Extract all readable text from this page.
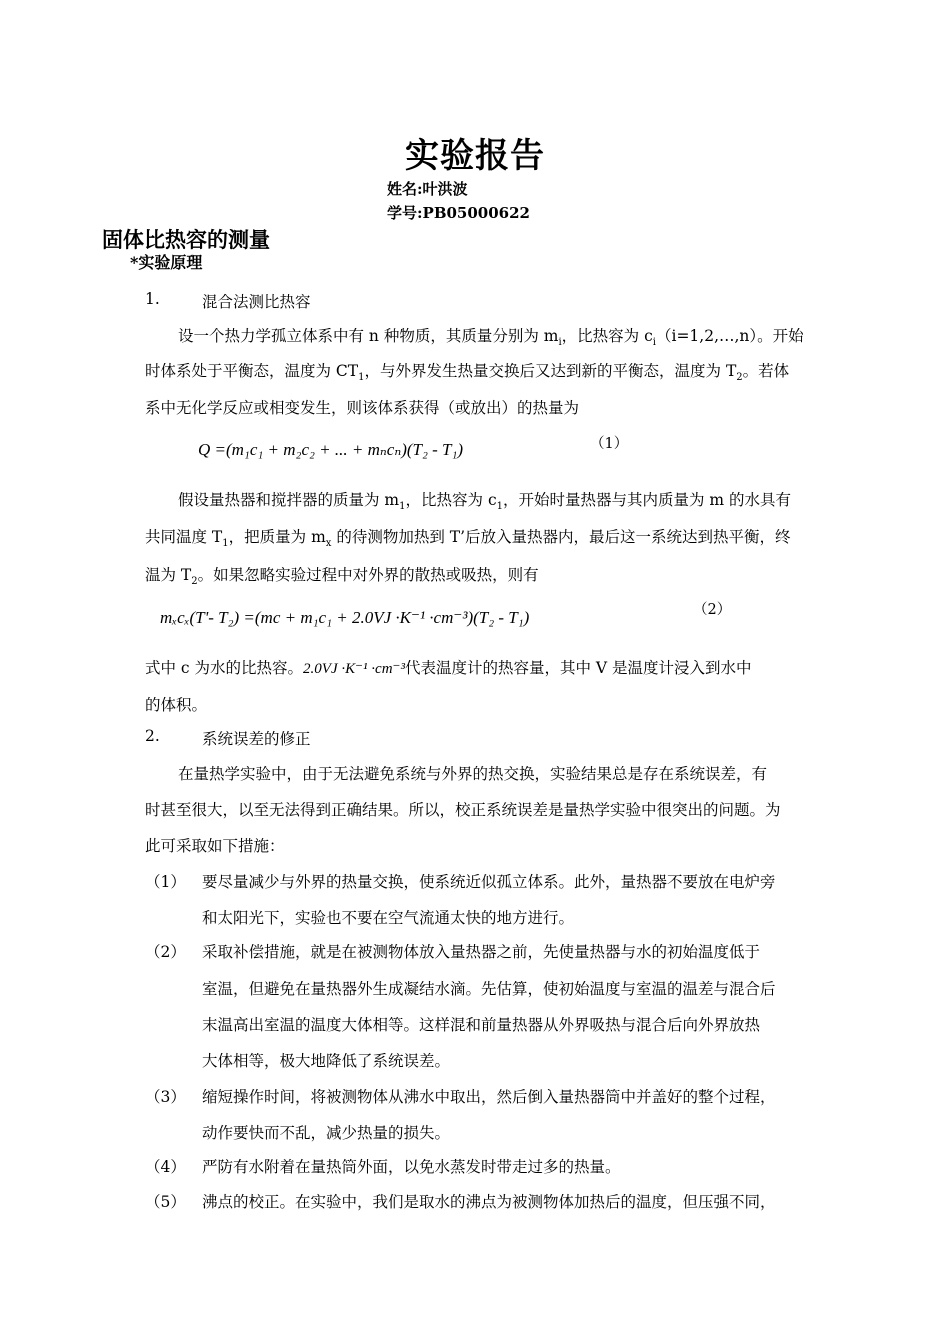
实验报告
姓名:叶洪波
学号:PB05000622
固体比热容的测量
*实验原理
1.	混合法测比热容
设一个热力学孤立体系中有 n 种物质，其质量分别为 $m_i$，比热容为 $c_i(i=1,2,\dots,n)$。开始
时体系处于平衡态，温度为 $CT_1$，与外界发生热量交换后又达到新的平衡态，温度为 $T_2$。若体
系中无化学反应或相变发生，则该体系获得（或放出）的热量为
Q =(m₁c₁ + m₂c₂ + ... + mₙcₙ)(T₂ - T₁)	（1）
假设量热器和搅拌器的质量为 $m_1$，比热容为 $c_1$，开始时量热器与其内质量为 m 的水具有
共同温度 $T_1$，把质量为 $m_x$ 的待测物加热到 T’后放入量热器内，最后这一系统达到热平衡，终
温为 $T_2$。如果忽略实验过程中对外界的散热或吸热，则有
mₓcₓ(T'- T₂) =(mc + m₁c₁ + 2.0VJ ·K⁻¹ ·cm⁻³)(T₂ - T₁)	（2）
式中 c 为水的比热容。2.0VJ ·K⁻¹ ·cm⁻³代表温度计的热容量，其中 V 是温度计浸入到水中
的体积。
2.	系统误差的修正
在量热学实验中，由于无法避免系统与外界的热交换，实验结果总是存在系统误差，有
时甚至很大，以至无法得到正确结果。所以，校正系统误差是量热学实验中很突出的问题。为
此可采取如下措施：
（1） 要尽量减少与外界的热量交换，使系统近似孤立体系。此外，量热器不要放在电炉旁
和太阳光下，实验也不要在空气流通太快的地方进行。
（2） 采取补偿措施，就是在被测物体放入量热器之前，先使量热器与水的初始温度低于
室温，但避免在量热器外生成凝结水滴。先估算，使初始温度与室温的温差与混合后
末温高出室温的温度大体相等。这样混和前量热器从外界吸热与混合后向外界放热
大体相等，极大地降低了系统误差。
（3） 缩短操作时间，将被测物体从沸水中取出，然后倒入量热器筒中并盖好的整个过程，
动作要快而不乱，减少热量的损失。
（4） 严防有水附着在量热筒外面，以免水蒸发时带走过多的热量。
（5） 沸点的校正。在实验中，我们是取水的沸点为被测物体加热后的温度，但压强不同，
